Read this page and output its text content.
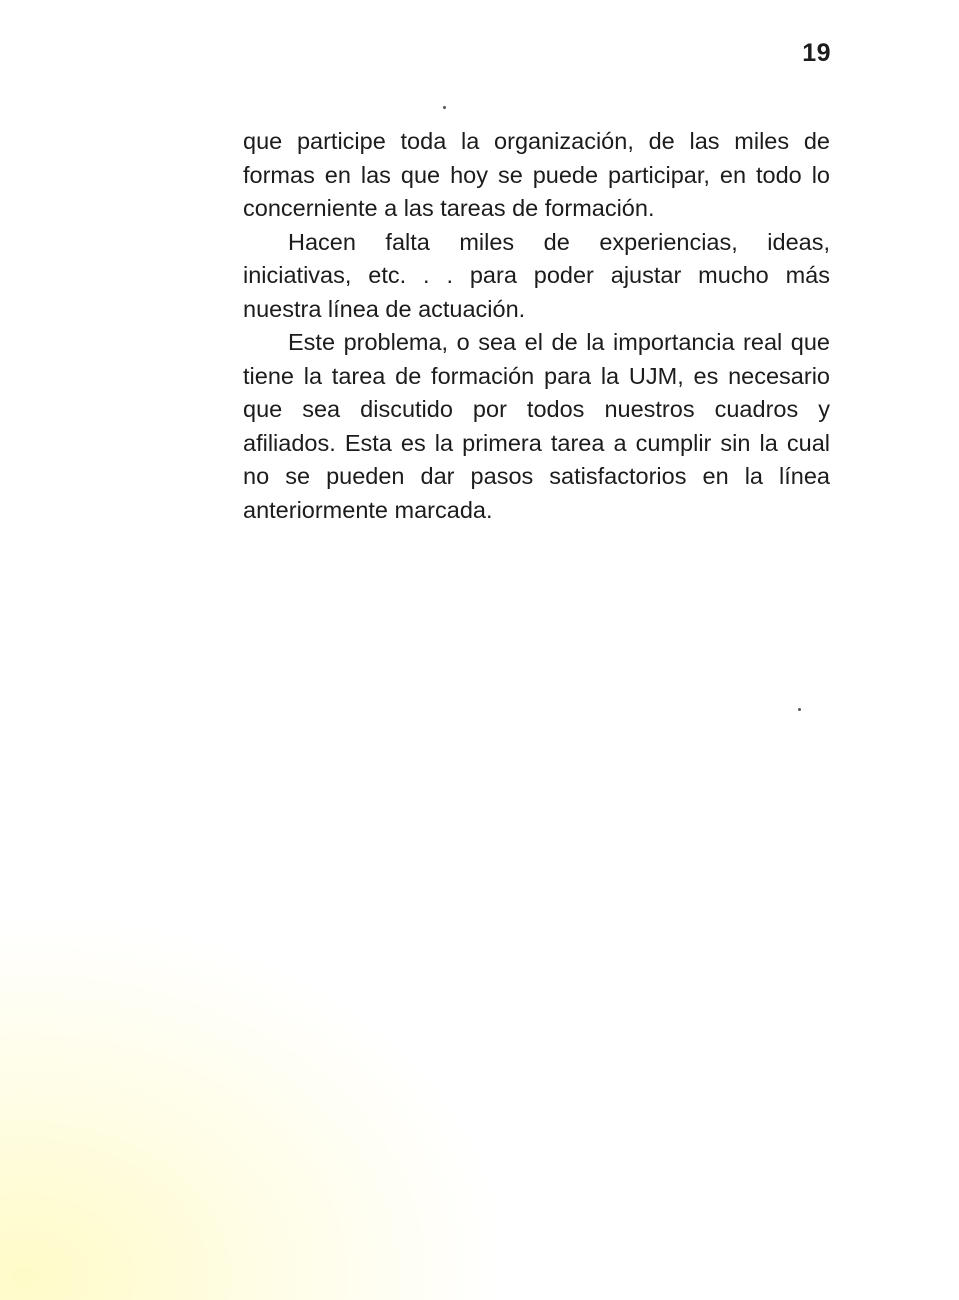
19

que participe toda la organización, de las miles de formas en las que hoy se puede participar, en todo lo concerniente a las tareas de formación.

Hacen falta miles de experiencias, ideas, iniciativas, etc. . . para poder ajustar mucho más nuestra línea de actuación.

Este problema, o sea el de la importancia real que tiene la tarea de formación para la UJM, es necesario que sea discutido por todos nuestros cuadros y afiliados. Esta es la primera tarea a cumplir sin la cual no se pueden dar pasos satisfactorios en la línea anteriormente marcada.
